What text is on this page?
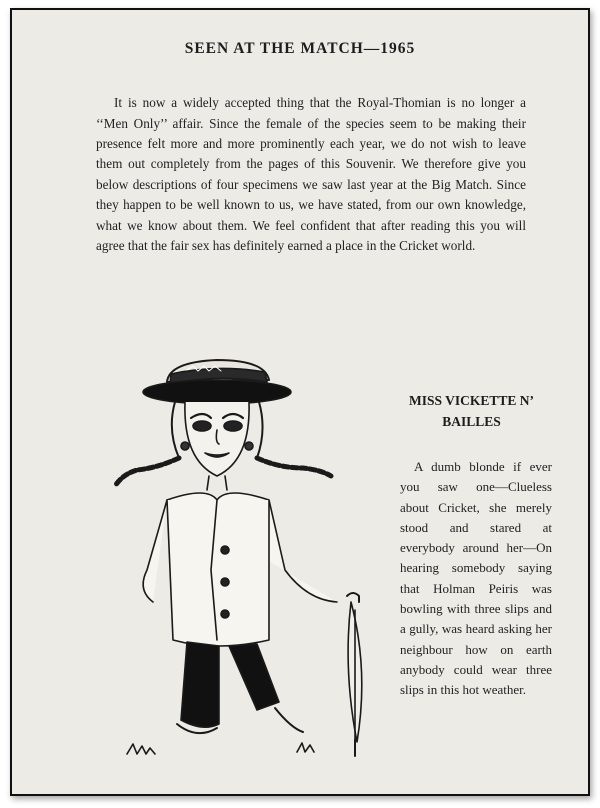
SEEN AT THE MATCH—1965

It is now a widely accepted thing that the Royal-Thomian is no longer a ‘‘Men Only’’ affair. Since the female of the species seem to be making their presence felt more and more prominently each year, we do not wish to leave them out completely from the pages of this Souvenir. We therefore give you below descriptions of four specimens we saw last year at the Big Match. Since they happen to be well known to us, we have stated, from our own knowledge, what we know about them. We feel confident that after reading this you will agree that the fair sex has definitely earned a place in the Cricket world.

MISS VICKETTE N’ BAILLES

A dumb blonde if ever you saw one—Clueless about Cricket, she merely stood and stared at everybody around her—On hearing somebody saying that Holman Peiris was bowling with three slips and a gully, was heard asking her neighbour how on earth anybody could wear three slips in this hot weather.
